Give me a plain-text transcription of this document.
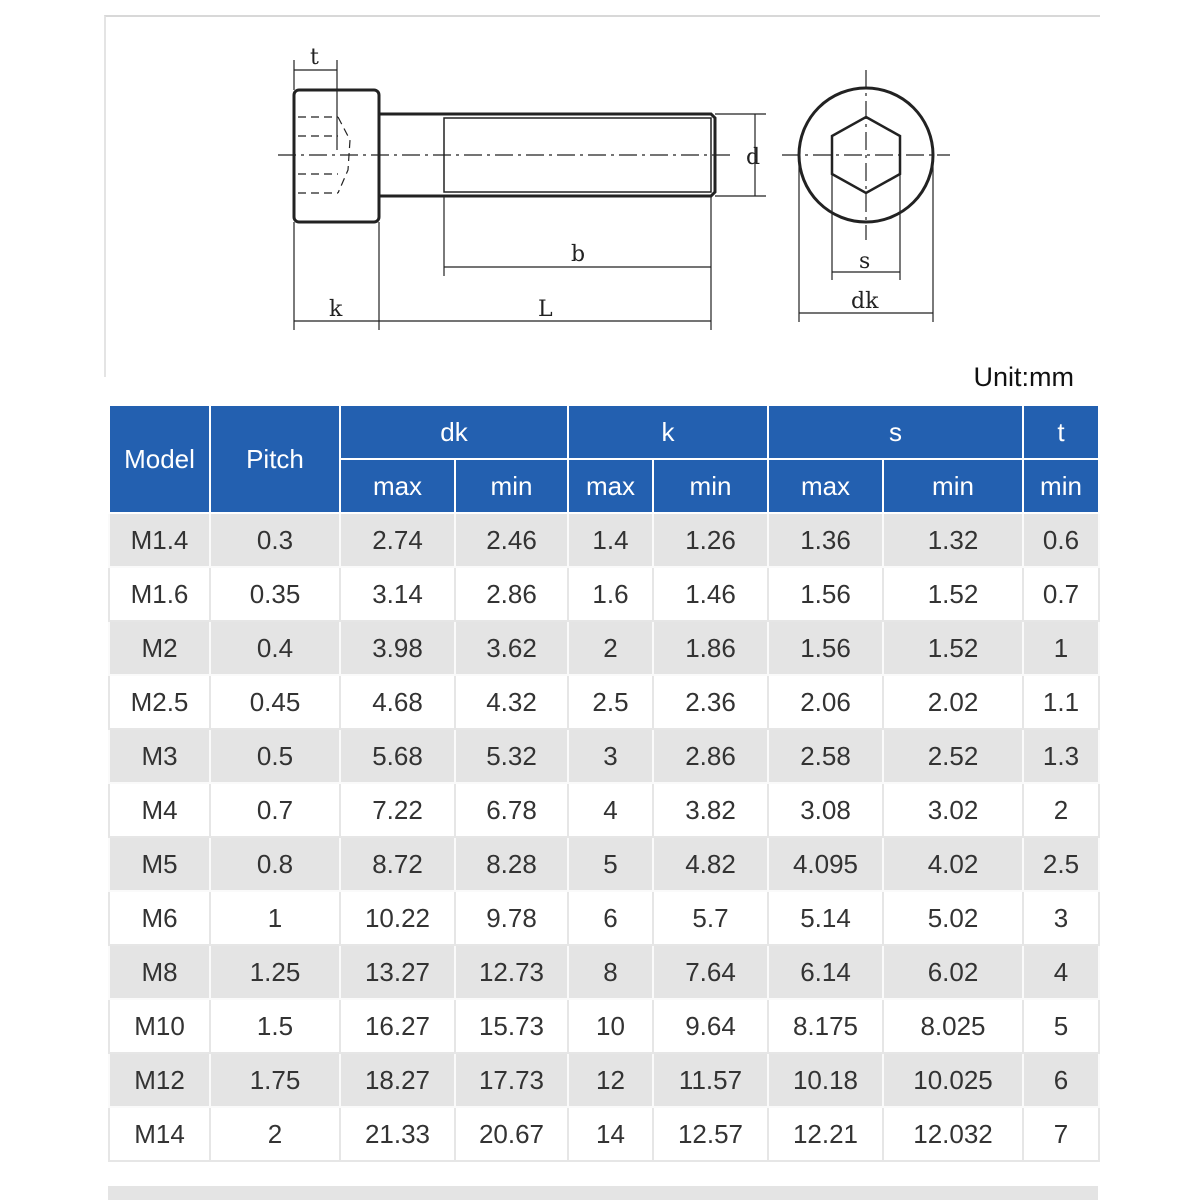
t
d
b
k	L
s
dk
Unit:mm
Model	Pitch	dk		k		s		t
		max	min	max	min	max	min	min
M1.4	0.3	2.74	2.46	1.4	1.26	1.36	1.32	0.6
M1.6	0.35	3.14	2.86	1.6	1.46	1.56	1.52	0.7
M2	0.4	3.98	3.62	2	1.86	1.56	1.52	1
M2.5	0.45	4.68	4.32	2.5	2.36	2.06	2.02	1.1
M3	0.5	5.68	5.32	3	2.86	2.58	2.52	1.3
M4	0.7	7.22	6.78	4	3.82	3.08	3.02	2
M5	0.8	8.72	8.28	5	4.82	4.095	4.02	2.5
M6	1	10.22	9.78	6	5.7	5.14	5.02	3
M8	1.25	13.27	12.73	8	7.64	6.14	6.02	4
M10	1.5	16.27	15.73	10	9.64	8.175	8.025	5
M12	1.75	18.27	17.73	12	11.57	10.18	10.025	6
M14	2	21.33	20.67	14	12.57	12.21	12.032	7
